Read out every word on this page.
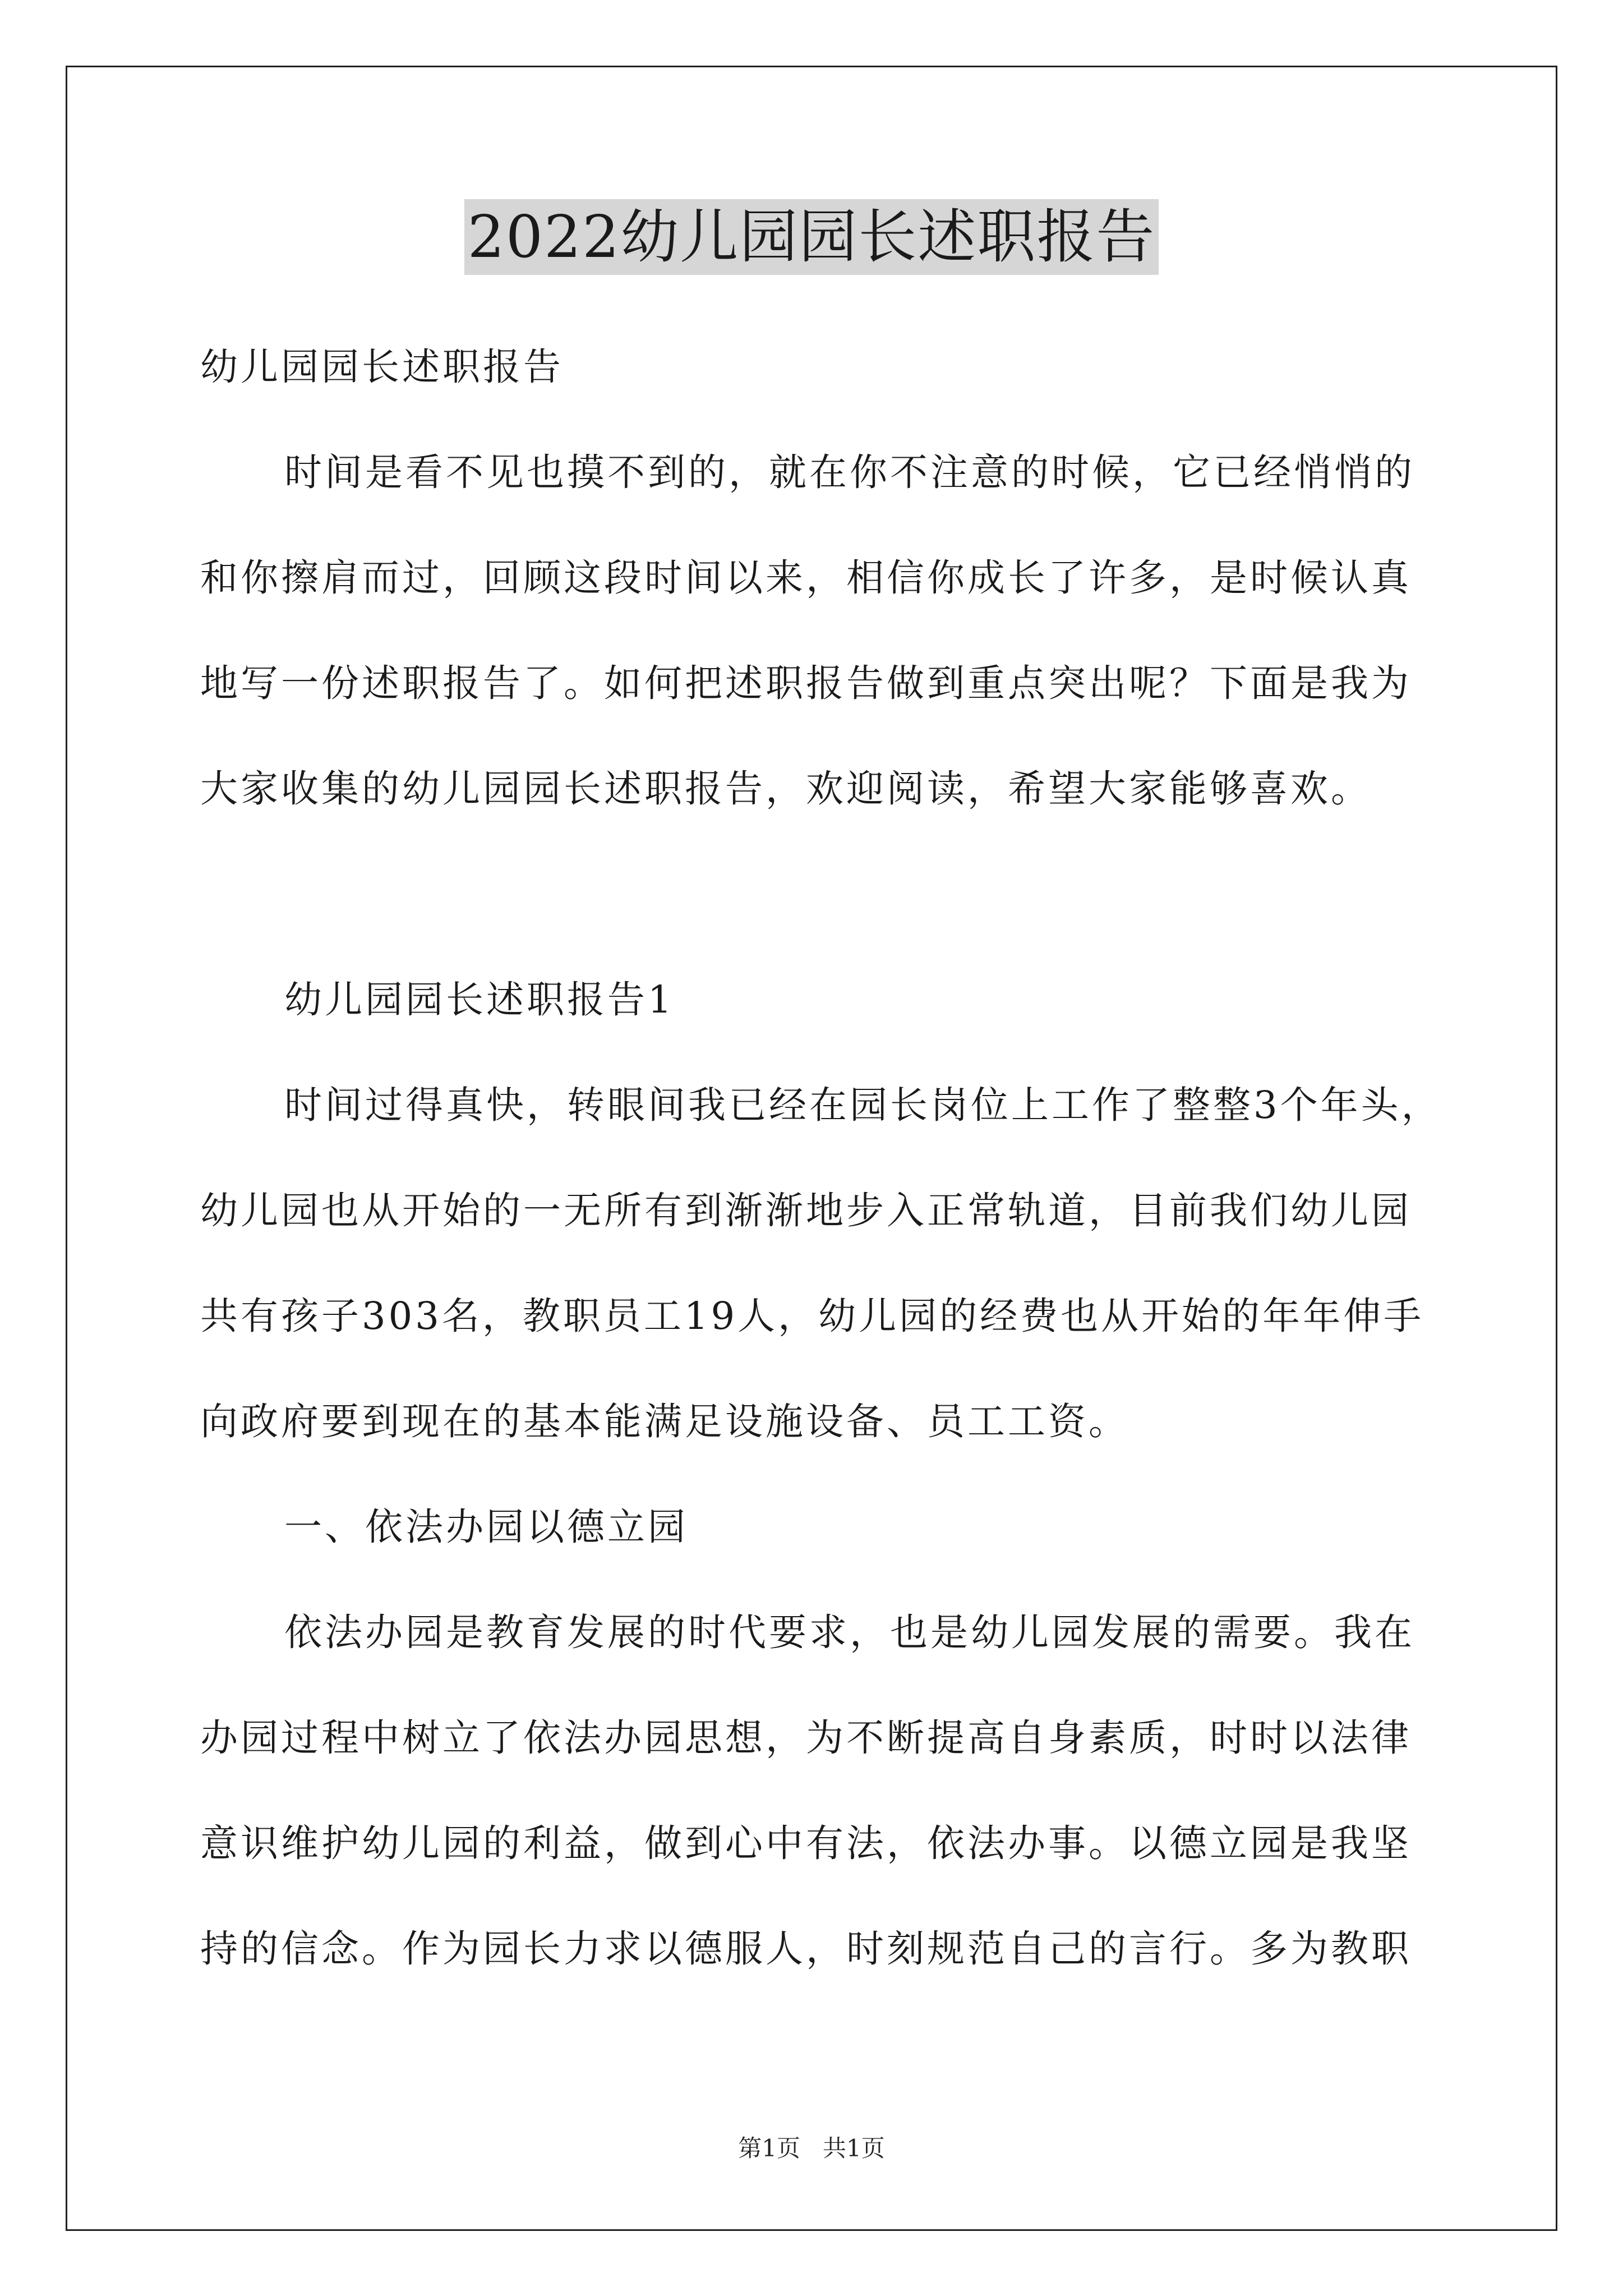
2022幼儿园园长述职报告
幼儿园园长述职报告
时间是看不见也摸不到的，就在你不注意的时候，它已经悄悄的
和你擦肩而过，回顾这段时间以来，相信你成长了许多，是时候认真
地写一份述职报告了。如何把述职报告做到重点突出呢？下面是我为
大家收集的幼儿园园长述职报告，欢迎阅读，希望大家能够喜欢。
幼儿园园长述职报告1
时间过得真快，转眼间我已经在园长岗位上工作了整整3个年头，
幼儿园也从开始的一无所有到渐渐地步入正常轨道，目前我们幼儿园
共有孩子303名，教职员工19人，幼儿园的经费也从开始的年年伸手
向政府要到现在的基本能满足设施设备、员工工资。
一、依法办园以德立园
依法办园是教育发展的时代要求，也是幼儿园发展的需要。我在
办园过程中树立了依法办园思想，为不断提高自身素质，时时以法律
意识维护幼儿园的利益，做到心中有法，依法办事。以德立园是我坚
持的信念。作为园长力求以德服人，时刻规范自己的言行。多为教职
第1页   共1页
